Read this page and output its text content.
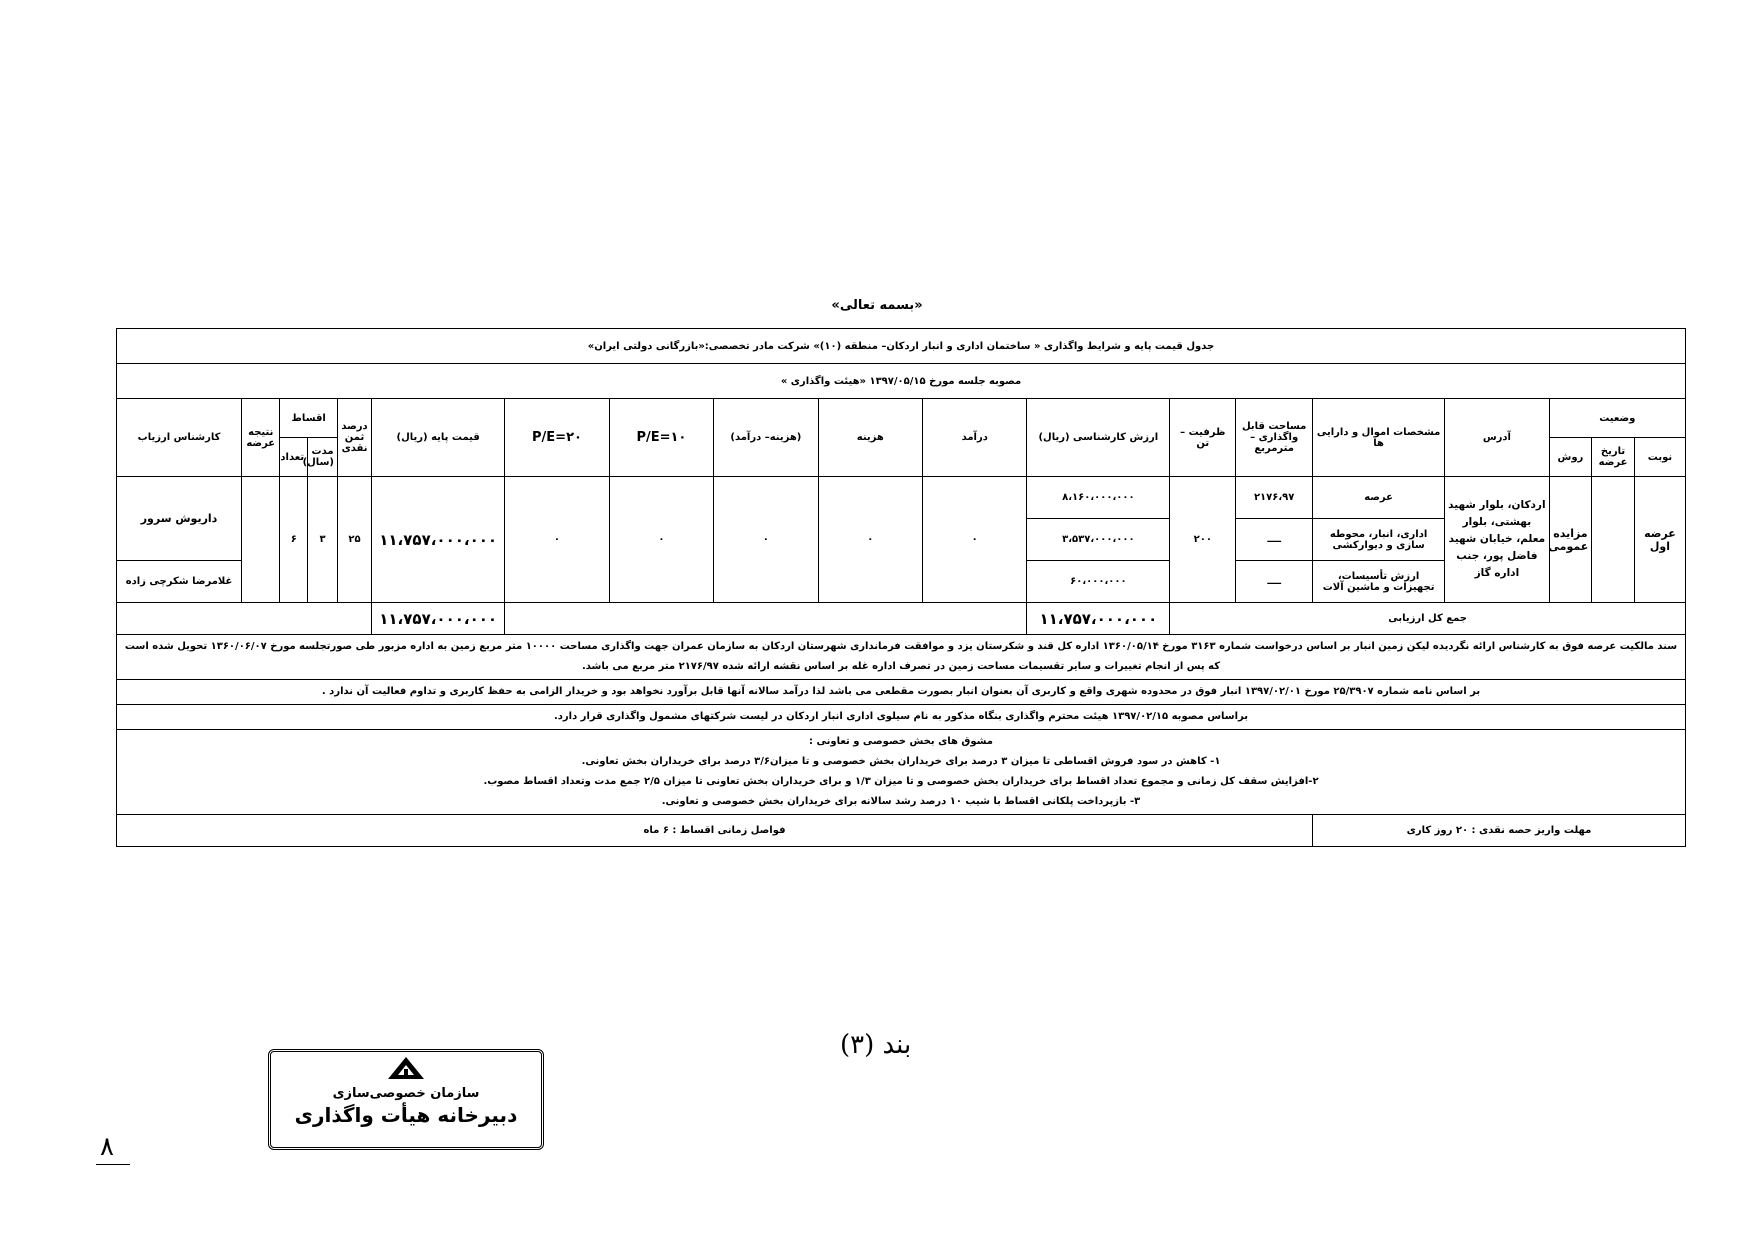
«بسمه تعالی»
جدول قیمت پایه و شرایط واگذاری « ساختمان اداری و انبار اردکان– منطقه (۱۰)» شرکت مادر تخصصی:«بازرگانی دولتی ایران»																		
مصوبه جلسه مورخ ۱۳۹۷/۰۵/۱۵ «هیئت واگذاری »																		
وضعیت			آدرس	مشخصات اموال و دارایی ها	مساحت قابل واگذاری – مترمربع	ظرفیت – تن	ارزش کارشناسی (ریال)	درآمد	هزینه	(هزینه– درآمد)	P/E=۱۰	P/E=۲۰	قیمت پایه (ریال)	درصد ثمن نقدی	اقساط		نتیجه عرضه	کارشناس ارزیاب
نوبت	تاریخ عرضه	روش													مدت (سال)	تعداد		
عرضه اول		مزایده عمومی	اردکان، بلوار شهید بهشتی، بلوار معلم، خیابان شهید فاضل پور، جنب اداره گاز	عرصه	۲۱۷۶،۹۷	۲۰۰	۸،۱۶۰،۰۰۰،۰۰۰	۰	۰	۰	۰	۰	۱۱،۷۵۷،۰۰۰،۰۰۰	۲۵	۳	۶		داریوش سرور
				اداری، انبار، محوطه سازی و دیوارکشی	ــــ		۳،۵۳۷،۰۰۰،۰۰۰											
				ارزش تأسیسات، تجهیزات و ماشین آلات	ــــ		۶۰،۰۰۰،۰۰۰											غلامرضا شکرچی زاده
جمع کل ارزیابی							۱۱،۷۵۷،۰۰۰،۰۰۰						۱۱،۷۵۷،۰۰۰،۰۰۰					
سند مالکیت عرصه فوق به کارشناس ارائه نگردیده لیکن زمین انبار بر اساس درخواست شماره ۳۱۶۳ مورخ ۱۳۶۰/۰۵/۱۴ اداره کل قند و شکرستان یزد و موافقت فرمانداری شهرستان اردکان به سازمان عمران جهت واگذاری مساحت ۱۰۰۰۰ متر مربع زمین به اداره مزبور طی صورتجلسه مورخ ۱۳۶۰/۰۶/۰۷ تحویل شده است که پس از انجام تغییرات و سایر تقسیمات مساحت زمین در تصرف اداره غله بر اساس نقشه ارائه شده ۲۱۷۶/۹۷ متر مربع می باشد.																		
بر اساس نامه شماره ۲۵/۳۹۰۷ مورخ ۱۳۹۷/۰۲/۰۱ انبار فوق در محدوده شهری واقع و کاربری آن بعنوان انبار بصورت مقطعی می باشد لذا درآمد سالانه آنها قابل برآورد نخواهد بود و خریدار الزامی به حفظ کاربری و تداوم فعالیت آن ندارد .																		
براساس مصوبه ۱۳۹۷/۰۲/۱۵ هیئت محترم واگذاری بنگاه مذکور به نام سیلوی اداری انبار اردکان در لیست شرکتهای مشمول واگذاری قرار دارد.																		

مشوق های بخش خصوصی و تعاونی :
۱- کاهش در سود فروش اقساطی تا میزان ۳ درصد برای خریداران بخش خصوصی و تا میزان۳/۶ درصد برای خریداران بخش تعاونی.
۲-افزایش سقف کل زمانی و مجموع تعداد اقساط برای خریداران بخش خصوصی و تا میزان ۱/۳ و برای خریداران بخش تعاونی تا میزان ۲/۵ جمع مدت وتعداد اقساط مصوب.
۳- بازپرداخت پلکانی اقساط با شیب ۱۰ درصد رشد سالانه برای خریداران بخش خصوصی و تعاونی.																		

مهلت واریز حصه نقدی : ۲۰ روز کاری					فواصل زمانی اقساط : ۶ ماه													
بند (۳)
سازمان خصوصی‌سازی
دبیرخانه هیأت واگذاری
۸
